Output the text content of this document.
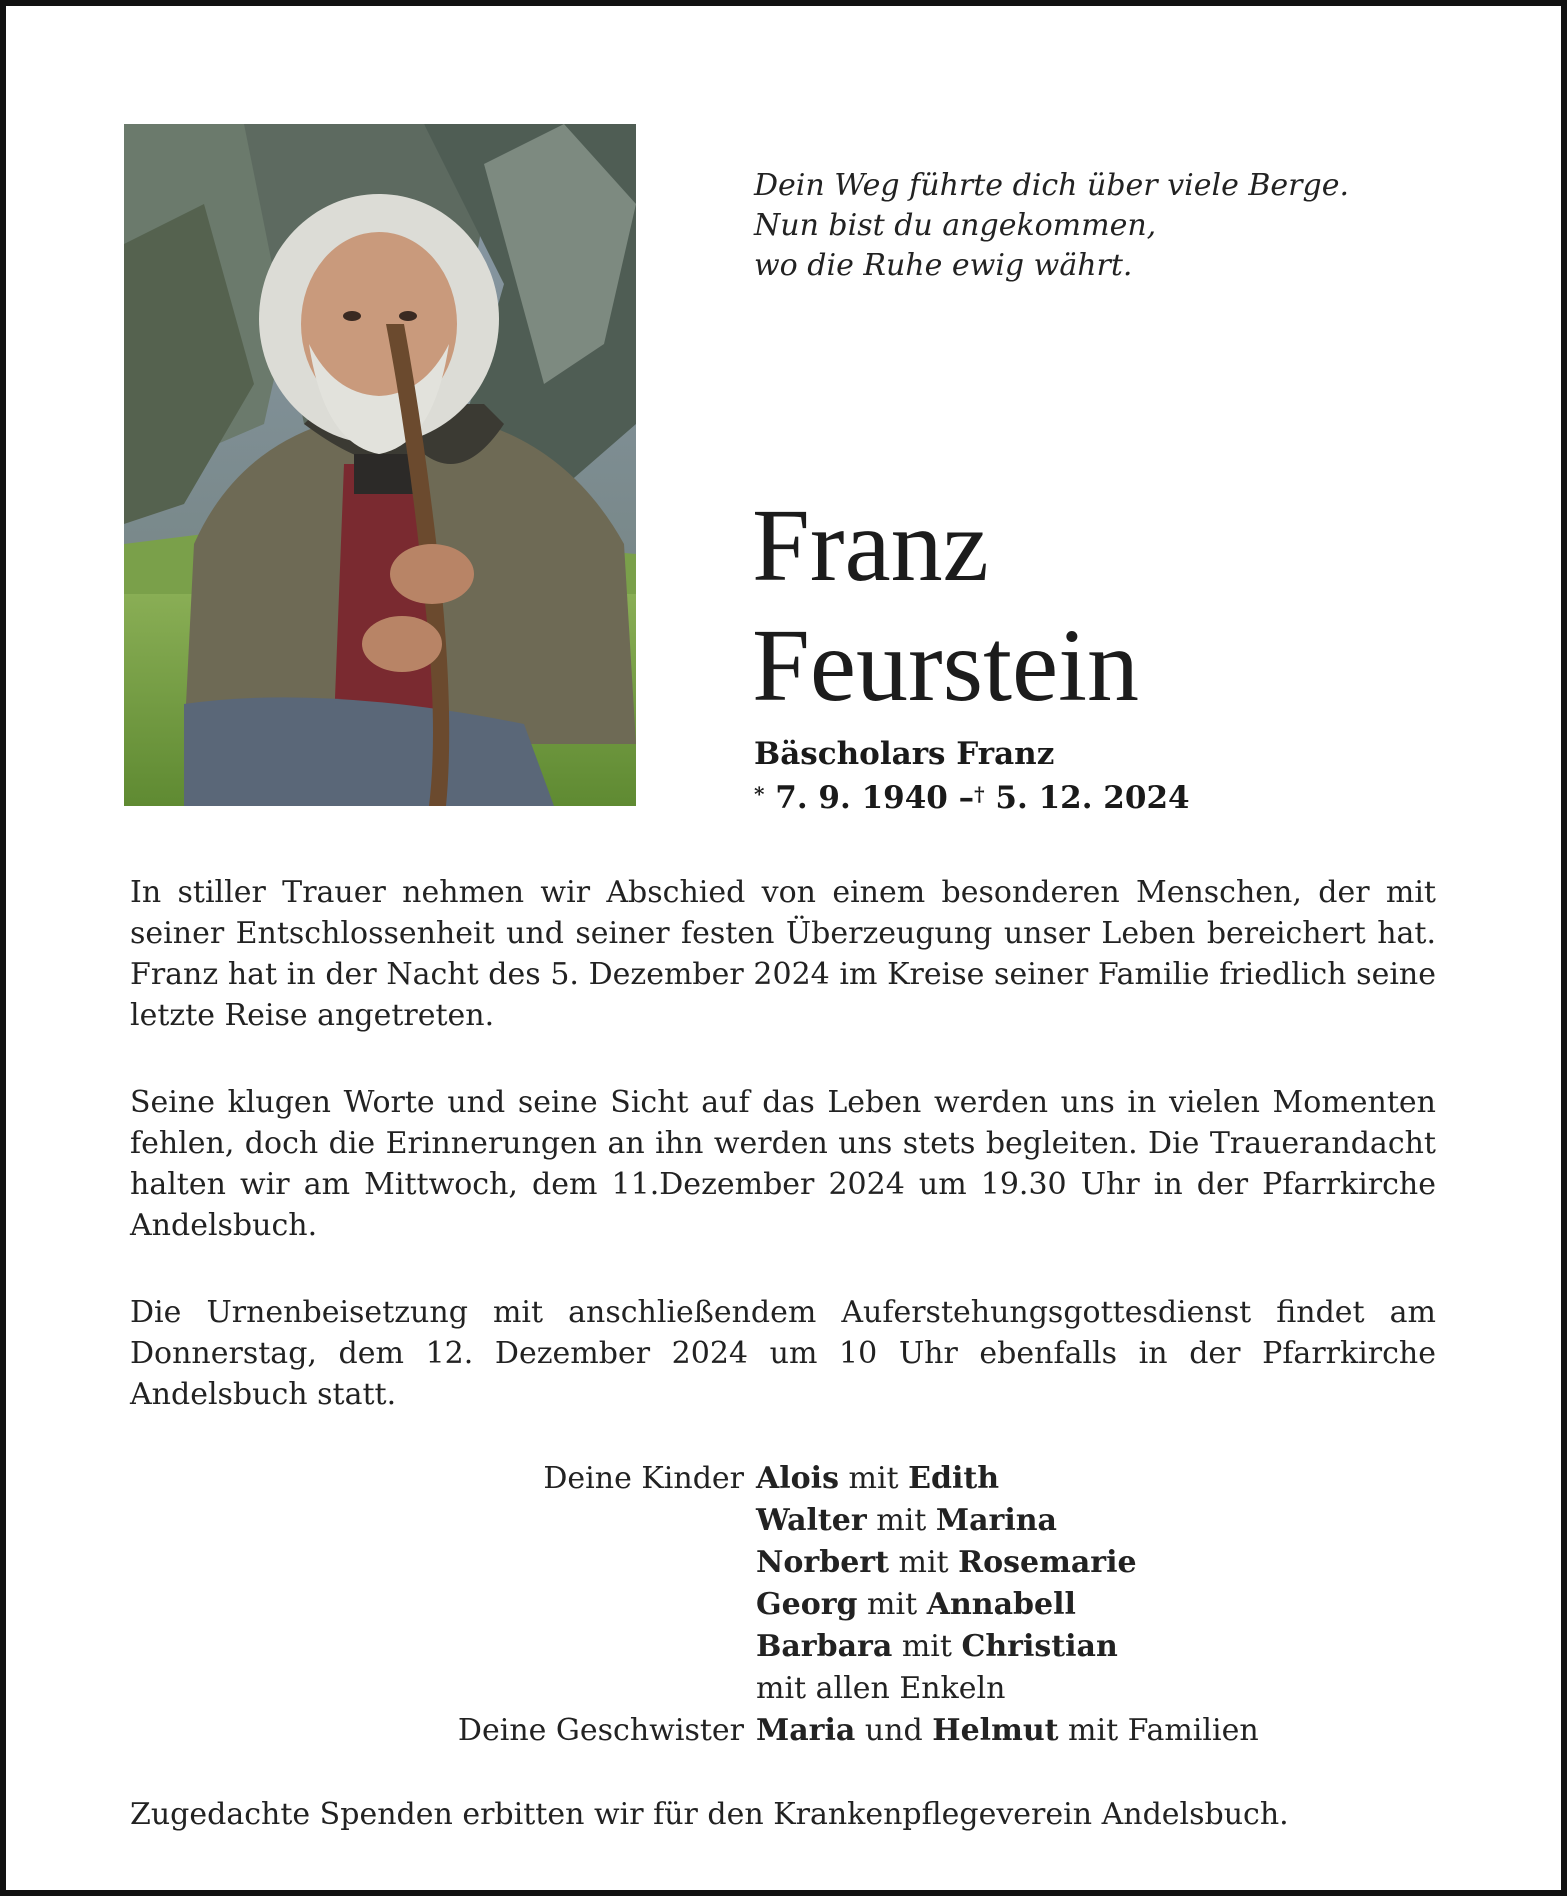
Dein Weg führte dich über viele Berge.
Nun bist du angekommen,
wo die Ruhe ewig währt.
Franz
Feurstein
Bäscholars Franz
* 7. 9. 1940 –† 5. 12. 2024
In stiller Trauer nehmen wir Abschied von einem besonderen Menschen, der mit seiner Entschlossenheit und seiner festen Überzeugung unser Leben bereichert hat. Franz hat in der Nacht des 5. Dezember 2024 im Kreise seiner Familie friedlich seine letzte Reise angetreten.
Seine klugen Worte und seine Sicht auf das Leben werden uns in vielen Momenten fehlen, doch die Erinnerungen an ihn werden uns stets begleiten. Die Trauerandacht halten wir am Mittwoch, dem 11.Dezember 2024 um 19.30 Uhr in der Pfarrkirche Andelsbuch.
Die Urnenbeisetzung mit anschließendem Auferstehungsgottesdienst findet am Donnerstag, dem 12. Dezember 2024 um 10 Uhr ebenfalls in der Pfarrkirche Andelsbuch statt.
Deine Kinder Alois mit Edith
Walter mit Marina
Norbert mit Rosemarie
Georg mit Annabell
Barbara mit Christian
mit allen Enkeln
Deine Geschwister Maria und Helmut mit Familien
Zugedachte Spenden erbitten wir für den Krankenpflegeverein Andelsbuch.
